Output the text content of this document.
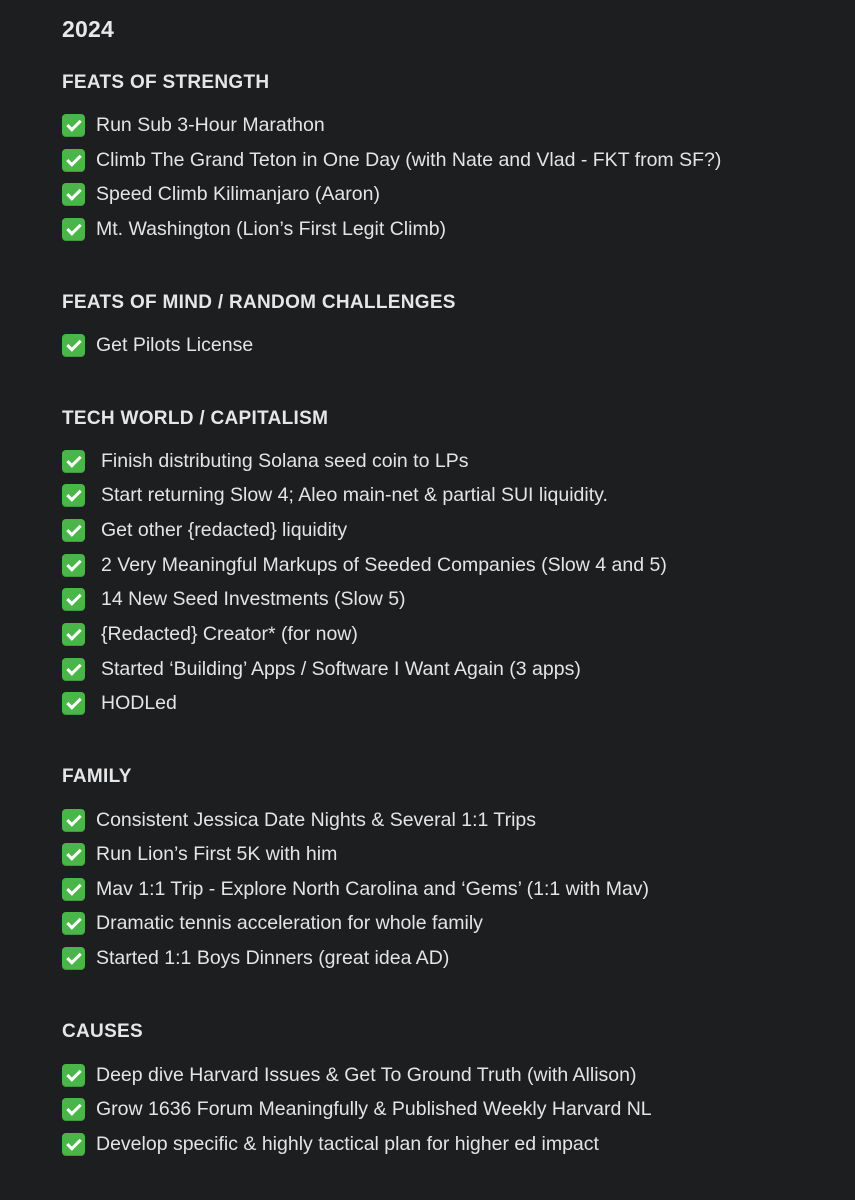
2024
FEATS OF STRENGTH
Run Sub 3-Hour Marathon
Climb The Grand Teton in One Day (with Nate and Vlad - FKT from SF?)
Speed Climb Kilimanjaro (Aaron)
Mt. Washington (Lion’s First Legit Climb)
FEATS OF MIND / RANDOM CHALLENGES
Get Pilots License
TECH WORLD / CAPITALISM
Finish distributing Solana seed coin to LPs
Start returning Slow 4; Aleo main-net & partial SUI liquidity.
Get other {redacted} liquidity
2 Very Meaningful Markups of Seeded Companies (Slow 4 and 5)
14 New Seed Investments (Slow 5)
{Redacted} Creator* (for now)
Started ‘Building’ Apps / Software I Want Again (3 apps)
HODLed
FAMILY
Consistent Jessica Date Nights & Several 1:1 Trips
Run Lion’s First 5K with him
Mav 1:1 Trip - Explore North Carolina and ‘Gems’ (1:1 with Mav)
Dramatic tennis acceleration for whole family
Started 1:1 Boys Dinners (great idea AD)
CAUSES
Deep dive Harvard Issues & Get To Ground Truth (with Allison)
Grow 1636 Forum Meaningfully & Published Weekly Harvard NL
Develop specific & highly tactical plan for higher ed impact
